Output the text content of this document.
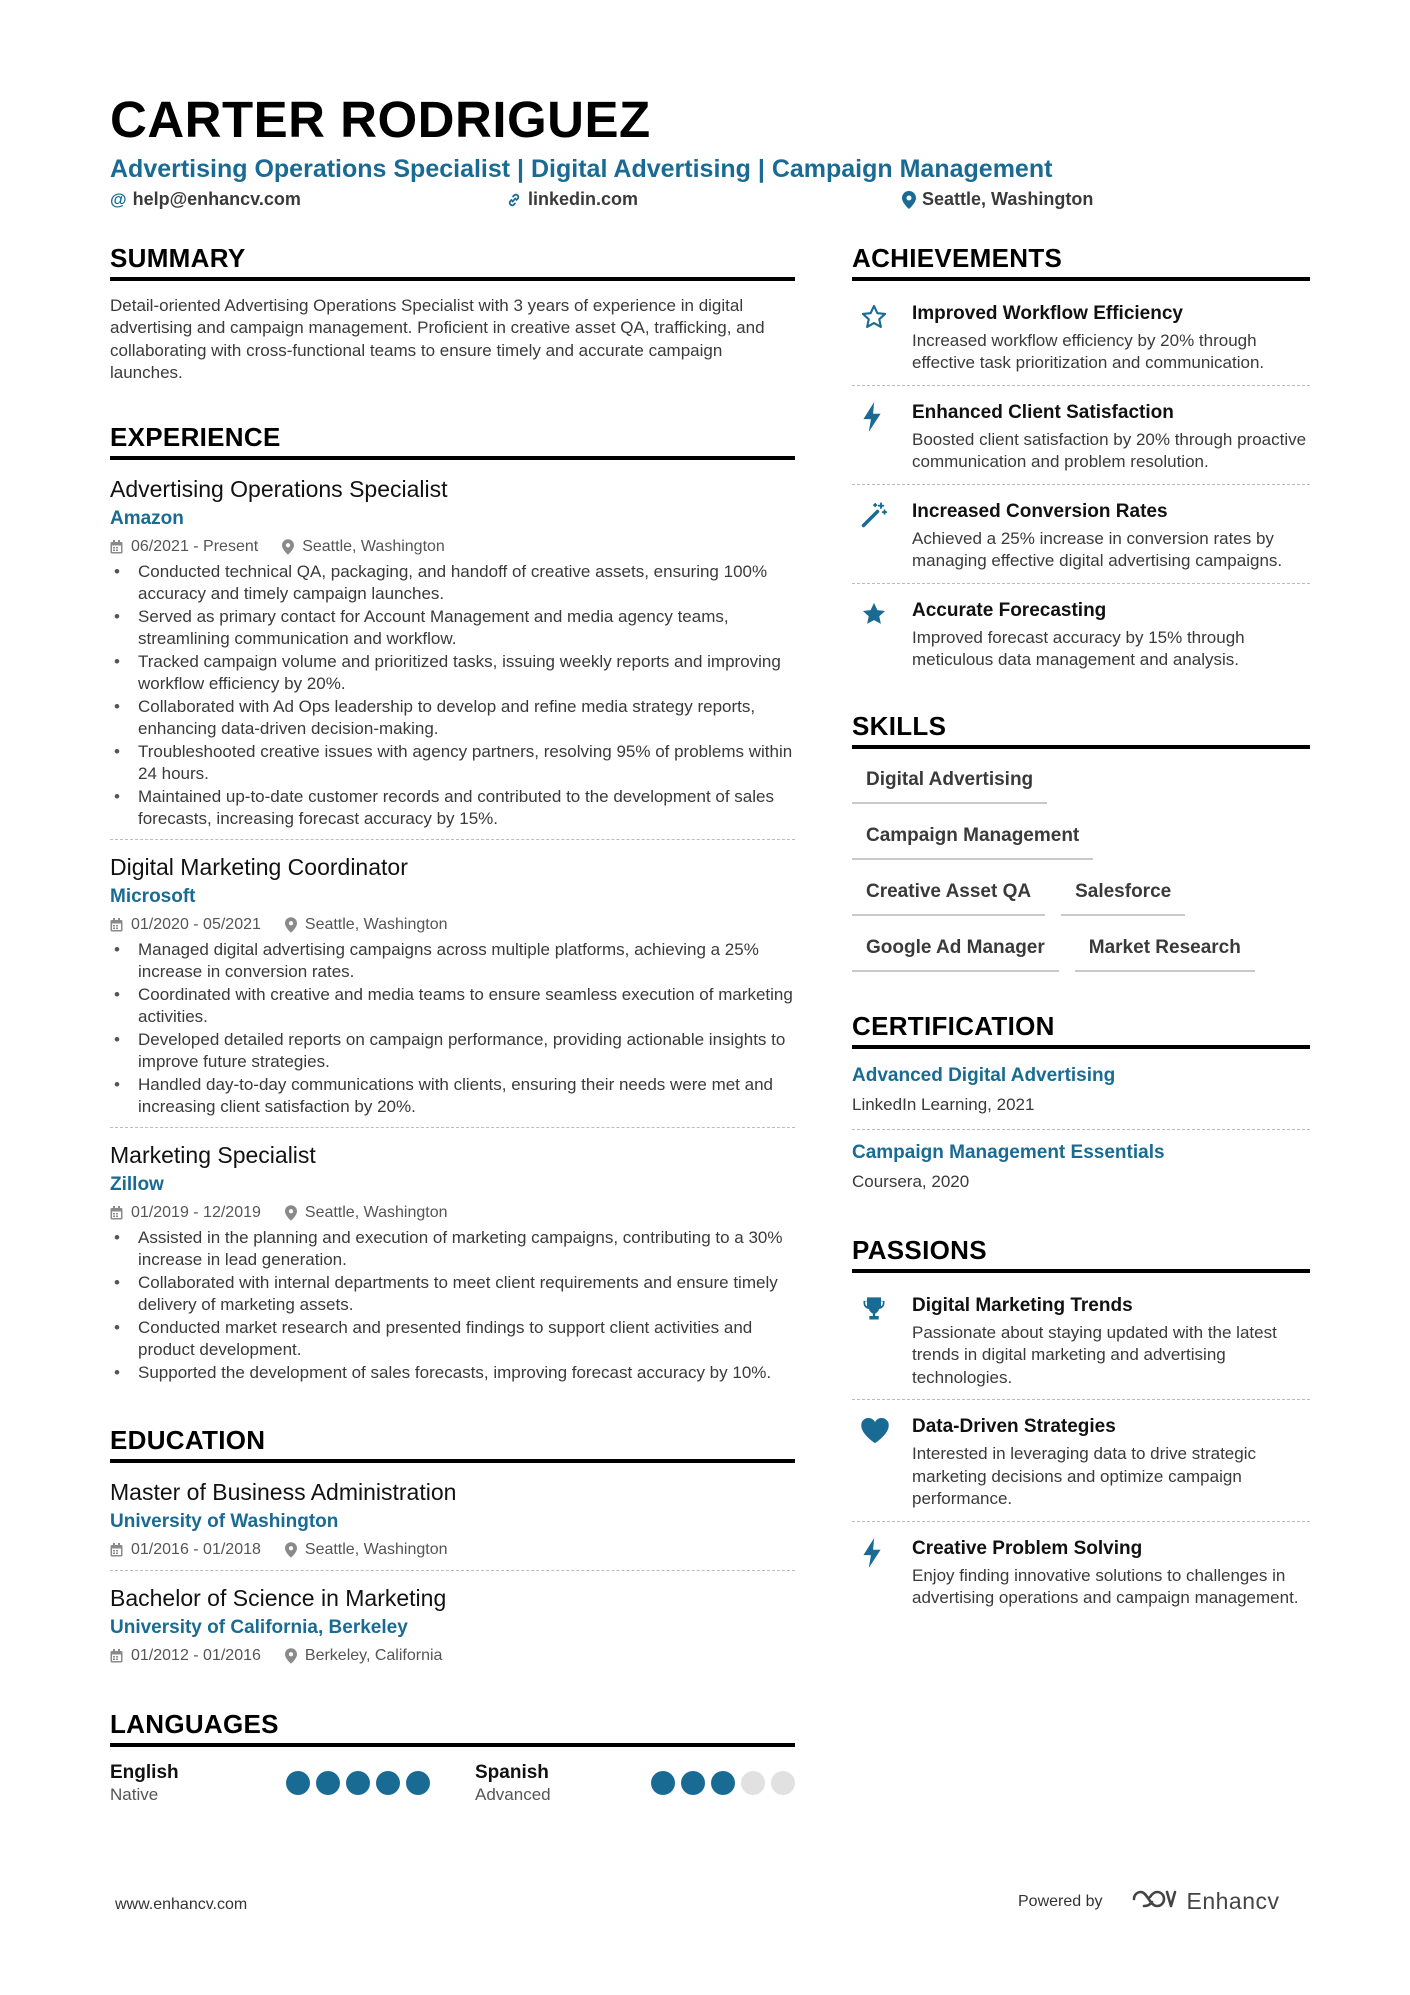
CARTER RODRIGUEZ
Advertising Operations Specialist | Digital Advertising | Campaign Management
@ help@enhancv.com	linkedin.com	Seattle, Washington
SUMMARY

Detail-oriented Advertising Operations Specialist with 3 years of experience in digital advertising and campaign management. Proficient in creative asset QA, trafficking, and collaborating with cross-functional teams to ensure timely and accurate campaign launches.

EXPERIENCE
Advertising Operations Specialist
Amazon
06/2021 - Present	Seattle, Washington
• Conducted technical QA, packaging, and handoff of creative assets, ensuring 100% accuracy and timely campaign launches.
• Served as primary contact for Account Management and media agency teams, streamlining communication and workflow.
• Tracked campaign volume and prioritized tasks, issuing weekly reports and improving workflow efficiency by 20%.
• Collaborated with Ad Ops leadership to develop and refine media strategy reports, enhancing data-driven decision-making.
• Troubleshooted creative issues with agency partners, resolving 95% of problems within 24 hours.
• Maintained up-to-date customer records and contributed to the development of sales forecasts, increasing forecast accuracy by 15%.
Digital Marketing Coordinator
Microsoft
01/2020 - 05/2021	Seattle, Washington
• Managed digital advertising campaigns across multiple platforms, achieving a 25% increase in conversion rates.
• Coordinated with creative and media teams to ensure seamless execution of marketing activities.
• Developed detailed reports on campaign performance, providing actionable insights to improve future strategies.
• Handled day-to-day communications with clients, ensuring their needs were met and increasing client satisfaction by 20%.
Marketing Specialist
Zillow
01/2019 - 12/2019	Seattle, Washington
• Assisted in the planning and execution of marketing campaigns, contributing to a 30% increase in lead generation.
• Collaborated with internal departments to meet client requirements and ensure timely delivery of marketing assets.
• Conducted market research and presented findings to support client activities and product development.
• Supported the development of sales forecasts, improving forecast accuracy by 10%.
EDUCATION
Master of Business Administration
University of Washington
01/2016 - 01/2018	Seattle, Washington
Bachelor of Science in Marketing
University of California, Berkeley
01/2012 - 01/2016	Berkeley, California
LANGUAGES
English
Native
Spanish
Advanced
ACHIEVEMENTS
Improved Workflow Efficiency
Increased workflow efficiency by 20% through effective task prioritization and communication.
Enhanced Client Satisfaction
Boosted client satisfaction by 20% through proactive communication and problem resolution.
Increased Conversion Rates
Achieved a 25% increase in conversion rates by managing effective digital advertising campaigns.
Accurate Forecasting
Improved forecast accuracy by 15% through meticulous data management and analysis.
SKILLS
Digital Advertising
Campaign Management
Creative Asset QA	Salesforce
Google Ad Manager	Market Research
CERTIFICATION
Advanced Digital Advertising
LinkedIn Learning, 2021
Campaign Management Essentials
Coursera, 2020
PASSIONS
Digital Marketing Trends
Passionate about staying updated with the latest trends in digital marketing and advertising technologies.
Data-Driven Strategies
Interested in leveraging data to drive strategic marketing decisions and optimize campaign performance.
Creative Problem Solving
Enjoy finding innovative solutions to challenges in advertising operations and campaign management.
www.enhancv.com	Powered by	Enhancv
